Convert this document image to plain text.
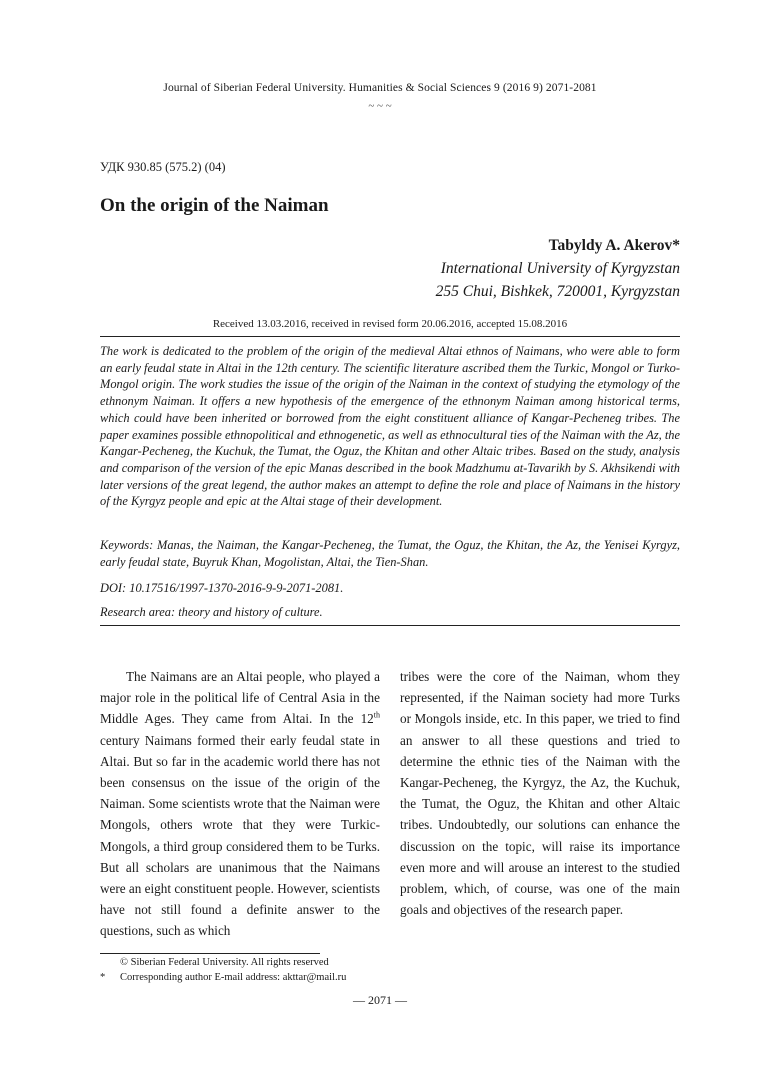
Journal of Siberian Federal University. Humanities & Social Sciences 9 (2016 9) 2071-2081
~ ~ ~
УДК 930.85 (575.2) (04)
On the origin of the Naiman
Tabyldy A. Akerov*
International University of Kyrgyzstan
255 Chui, Bishkek, 720001, Kyrgyzstan
Received 13.03.2016, received in revised form 20.06.2016, accepted 15.08.2016

The work is dedicated to the problem of the origin of the medieval Altai ethnos of Naimans, who were able to form an early feudal state in Altai in the 12th century. The scientific literature ascribed them the Turkic, Mongol or Turko-Mongol origin. The work studies the issue of the origin of the Naiman in the context of studying the etymology of the ethnonym Naiman. It offers a new hypothesis of the emergence of the ethnonym Naiman among historical terms, which could have been inherited or borrowed from the eight constituent alliance of Kangar-Pecheneg tribes. The paper examines possible ethnopolitical and ethnogenetic, as well as ethnocultural ties of the Naiman with the Az, the Kangar-Pecheneg, the Kuchuk, the Tumat, the Oguz, the Khitan and other Altaic tribes. Based on the study, analysis and comparison of the version of the epic Manas described in the book Madzhumu at-Tavarikh by S. Akhsikendi with later versions of the great legend, the author makes an attempt to define the role and place of Naimans in the history of the Kyrgyz people and epic at the Altai stage of their development.

Keywords: Manas, the Naiman, the Kangar-Pecheneg, the Tumat, the Oguz, the Khitan, the Az, the Yenisei Kyrgyz, early feudal state, Buyruk Khan, Mogolistan, Altai, the Tien-Shan.
DOI: 10.17516/1997-1370-2016-9-9-2071-2081.
Research area: theory and history of culture.

The Naimans are an Altai people, who played a major role in the political life of Central Asia in the Middle Ages. They came from Altai. In the 12th century Naimans formed their early feudal state in Altai. But so far in the academic world there has not been consensus on the issue of the origin of the Naiman. Some scientists wrote that the Naiman were Mongols, others wrote that they were Turkic-Mongols, a third group considered them to be Turks. But all scholars are unanimous that the Naimans were an eight constituent people. However, scientists have not still found a definite answer to the questions, such as which

tribes were the core of the Naiman, whom they represented, if the Naiman society had more Turks or Mongols inside, etc. In this paper, we tried to find an answer to all these questions and tried to determine the ethnic ties of the Naiman with the Kangar-Pecheneg, the Kyrgyz, the Az, the Kuchuk, the Tumat, the Oguz, the Khitan and other Altaic tribes. Undoubtedly, our solutions can enhance the discussion on the topic, will raise its importance even more and will arouse an interest to the studied problem, which, of course, was one of the main goals and objectives of the research paper.

© Siberian Federal University. All rights reserved
* Corresponding author E-mail address: akttar@mail.ru
— 2071 —
